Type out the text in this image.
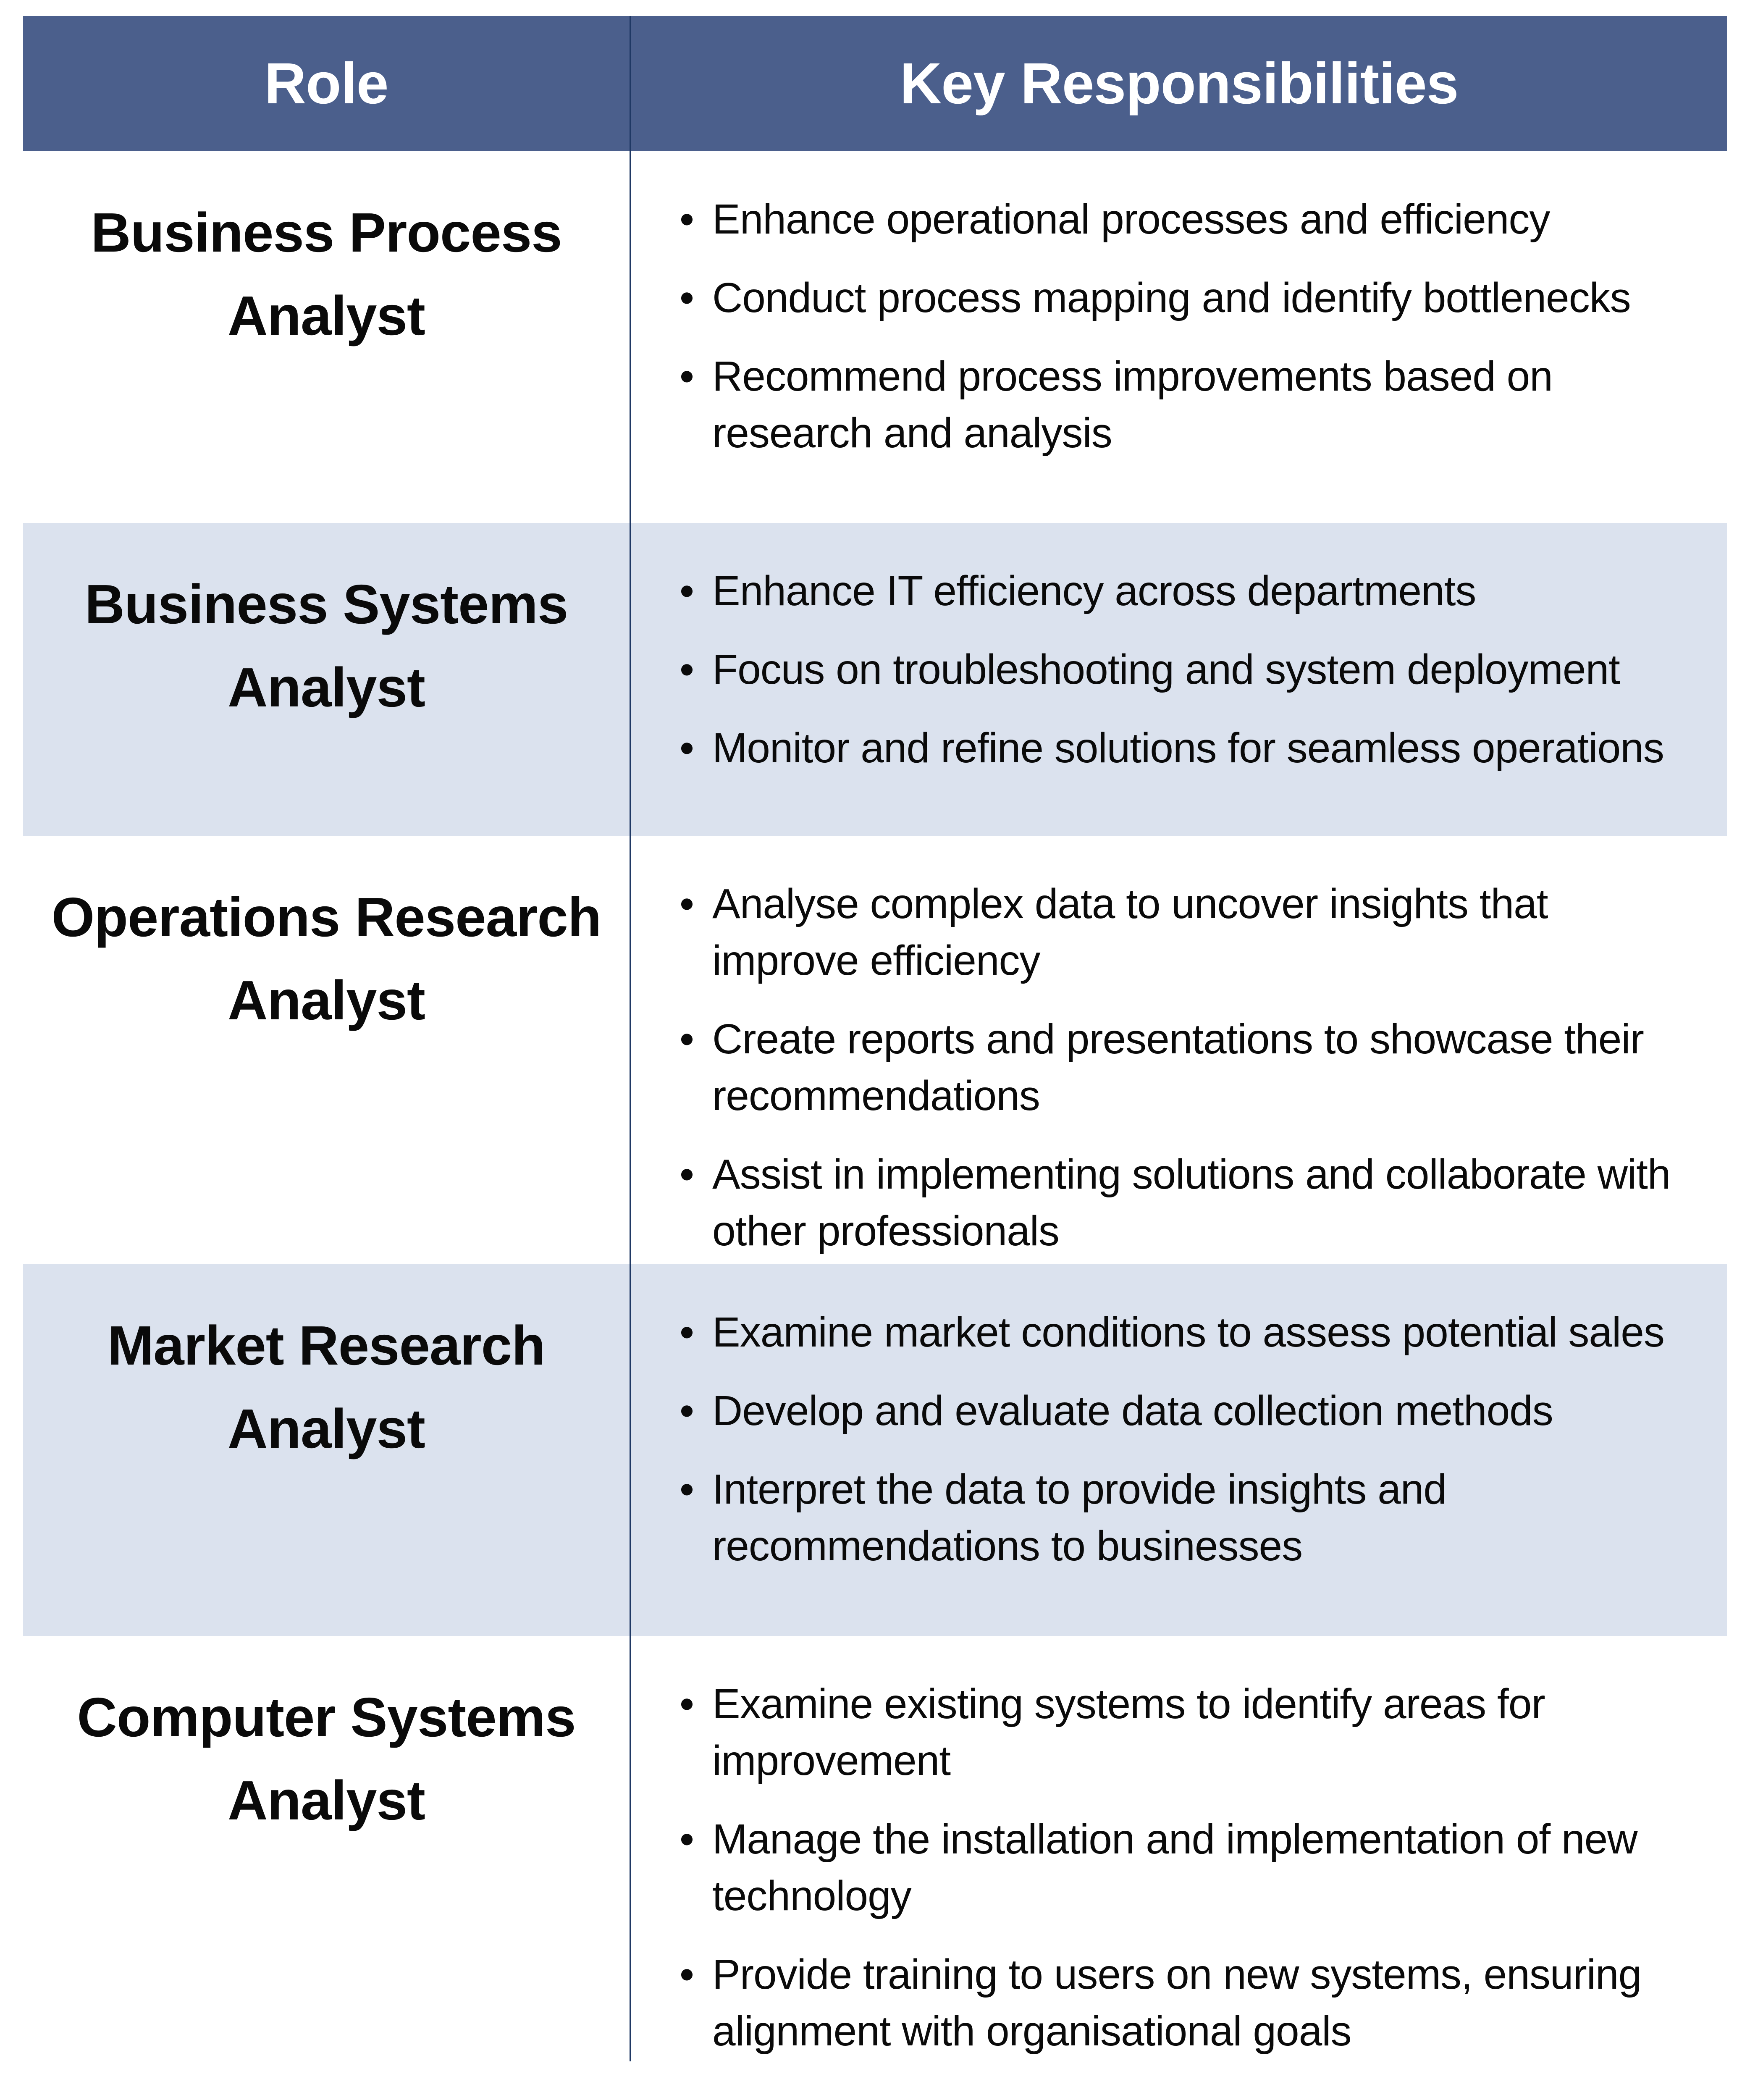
Role	Key Responsibilities
Business Process
Analyst
• Enhance operational processes and efficiency
• Conduct process mapping and identify bottlenecks
• Recommend process improvements based on research and analysis
Business Systems
Analyst
• Enhance IT efficiency across departments
• Focus on troubleshooting and system deployment
• Monitor and refine solutions for seamless operations
Operations Research
Analyst
• Analyse complex data to uncover insights that improve efficiency
• Create reports and presentations to showcase their recommendations
• Assist in implementing solutions and collaborate with other professionals
Market Research
Analyst
• Examine market conditions to assess potential sales
• Develop and evaluate data collection methods
• Interpret the data to provide insights and recommendations to businesses
Computer Systems
Analyst
• Examine existing systems to identify areas for improvement
• Manage the installation and implementation of new technology
• Provide training to users on new systems, ensuring alignment with organisational goals
